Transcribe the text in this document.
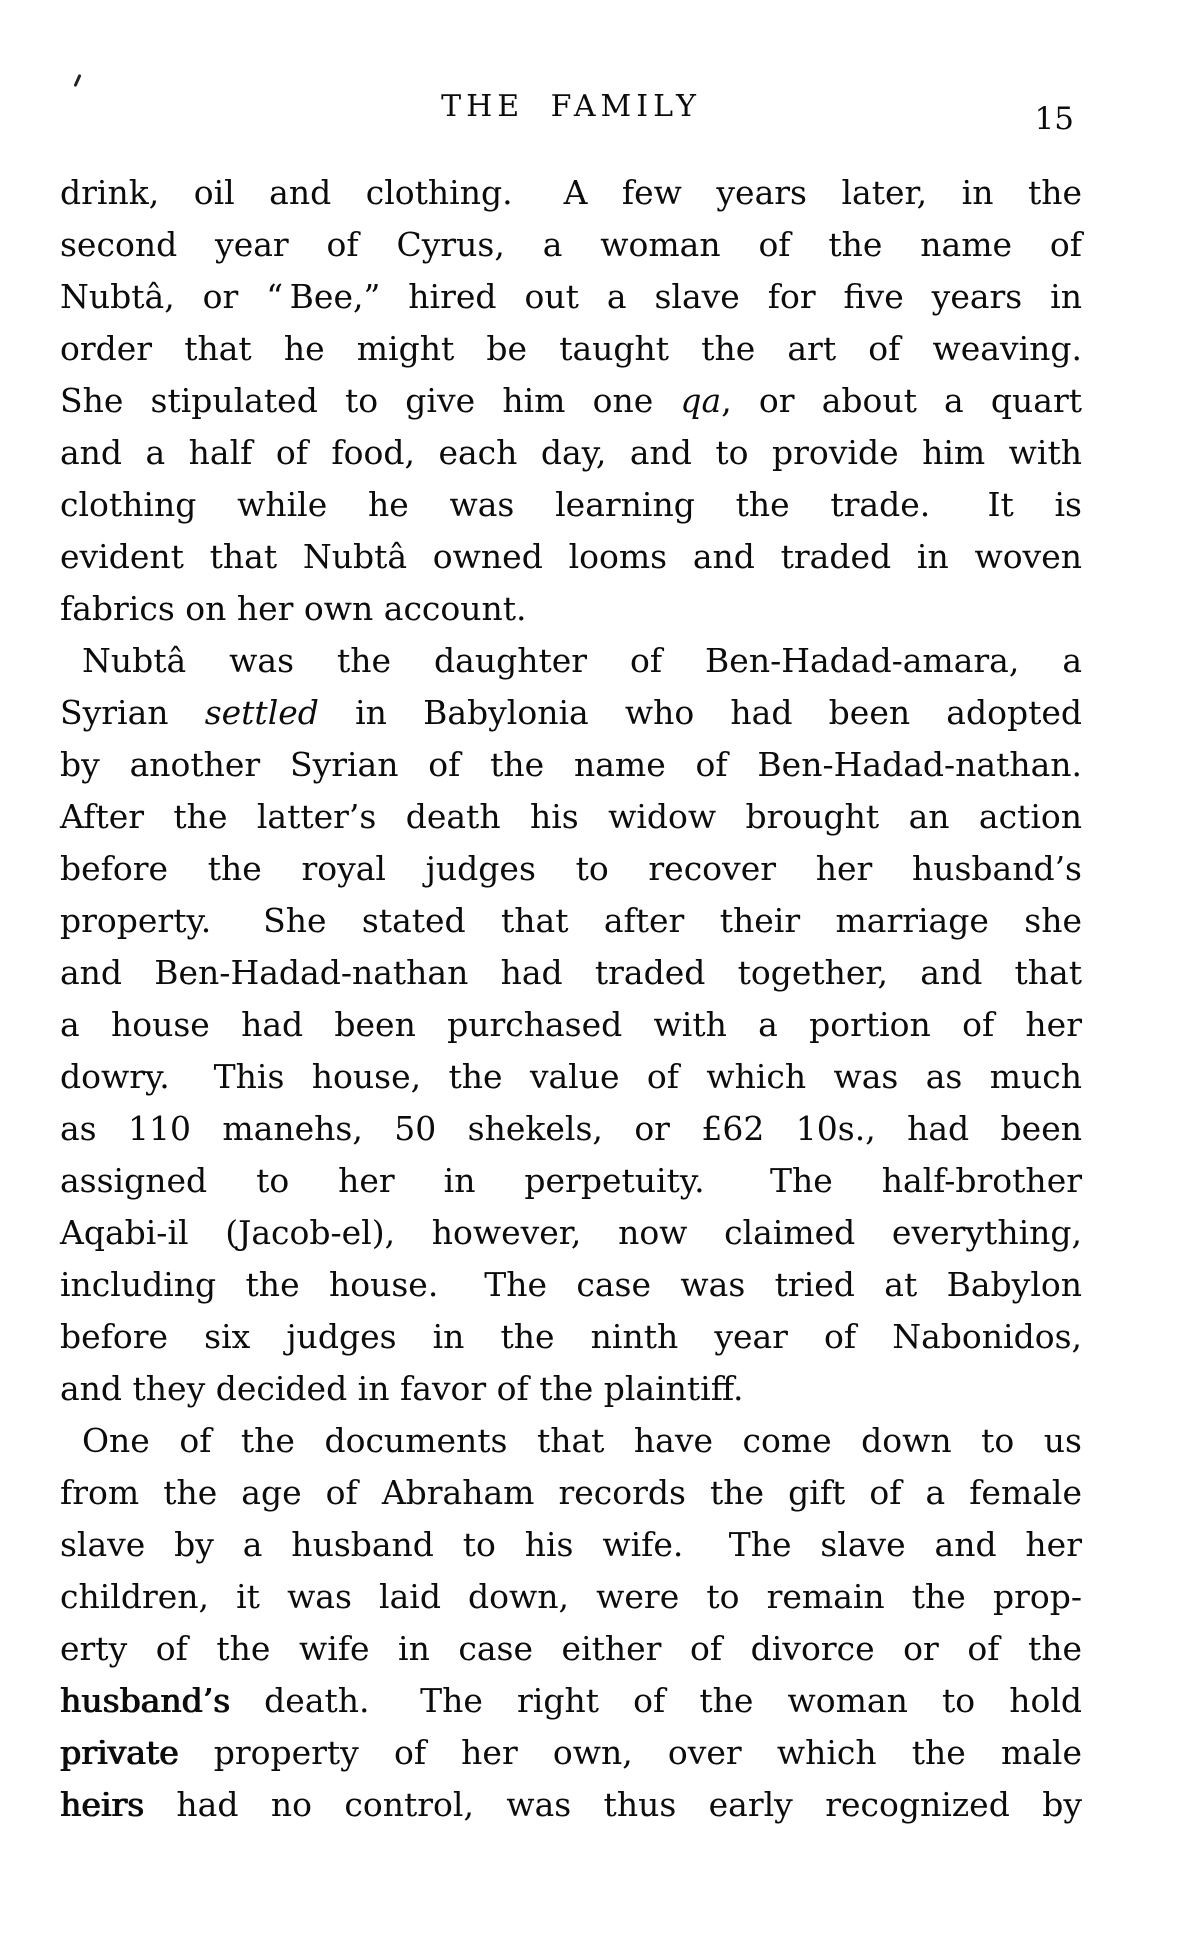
THE FAMILY	15
drink, oil and clothing.  A few years later, in the
second year of Cyrus, a woman of the name of
Nubtâ, or “ Bee,” hired out a slave for five years in
order that he might be taught the art of weaving.
She stipulated to give him one qa, or about a quart
and a half of food, each day, and to provide him with
clothing while he was learning the trade.  It is
evident that Nubtâ owned looms and traded in woven
fabrics on her own account.
Nubtâ was the daughter of Ben-Hadad-amara, a
Syrian settled in Babylonia who had been adopted
by another Syrian of the name of Ben-Hadad-nathan.
After the latter’s death his widow brought an action
before the royal judges to recover her husband’s
property.  She stated that after their marriage she
and Ben-Hadad-nathan had traded together, and that
a house had been purchased with a portion of her
dowry.  This house, the value of which was as much
as 110 manehs, 50 shekels, or £62 10s., had been
assigned to her in perpetuity.  The half-brother
Aqabi-il (Jacob-el), however, now claimed everything,
including the house.  The case was tried at Babylon
before six judges in the ninth year of Nabonidos,
and they decided in favor of the plaintiff.
One of the documents that have come down to us
from the age of Abraham records the gift of a female
slave by a husband to his wife.  The slave and her
children, it was laid down, were to remain the prop-
erty of the wife in case either of divorce or of the
husband’s death.  The right of the woman to hold
private property of her own, over which the male
heirs had no control, was thus early recognized by
